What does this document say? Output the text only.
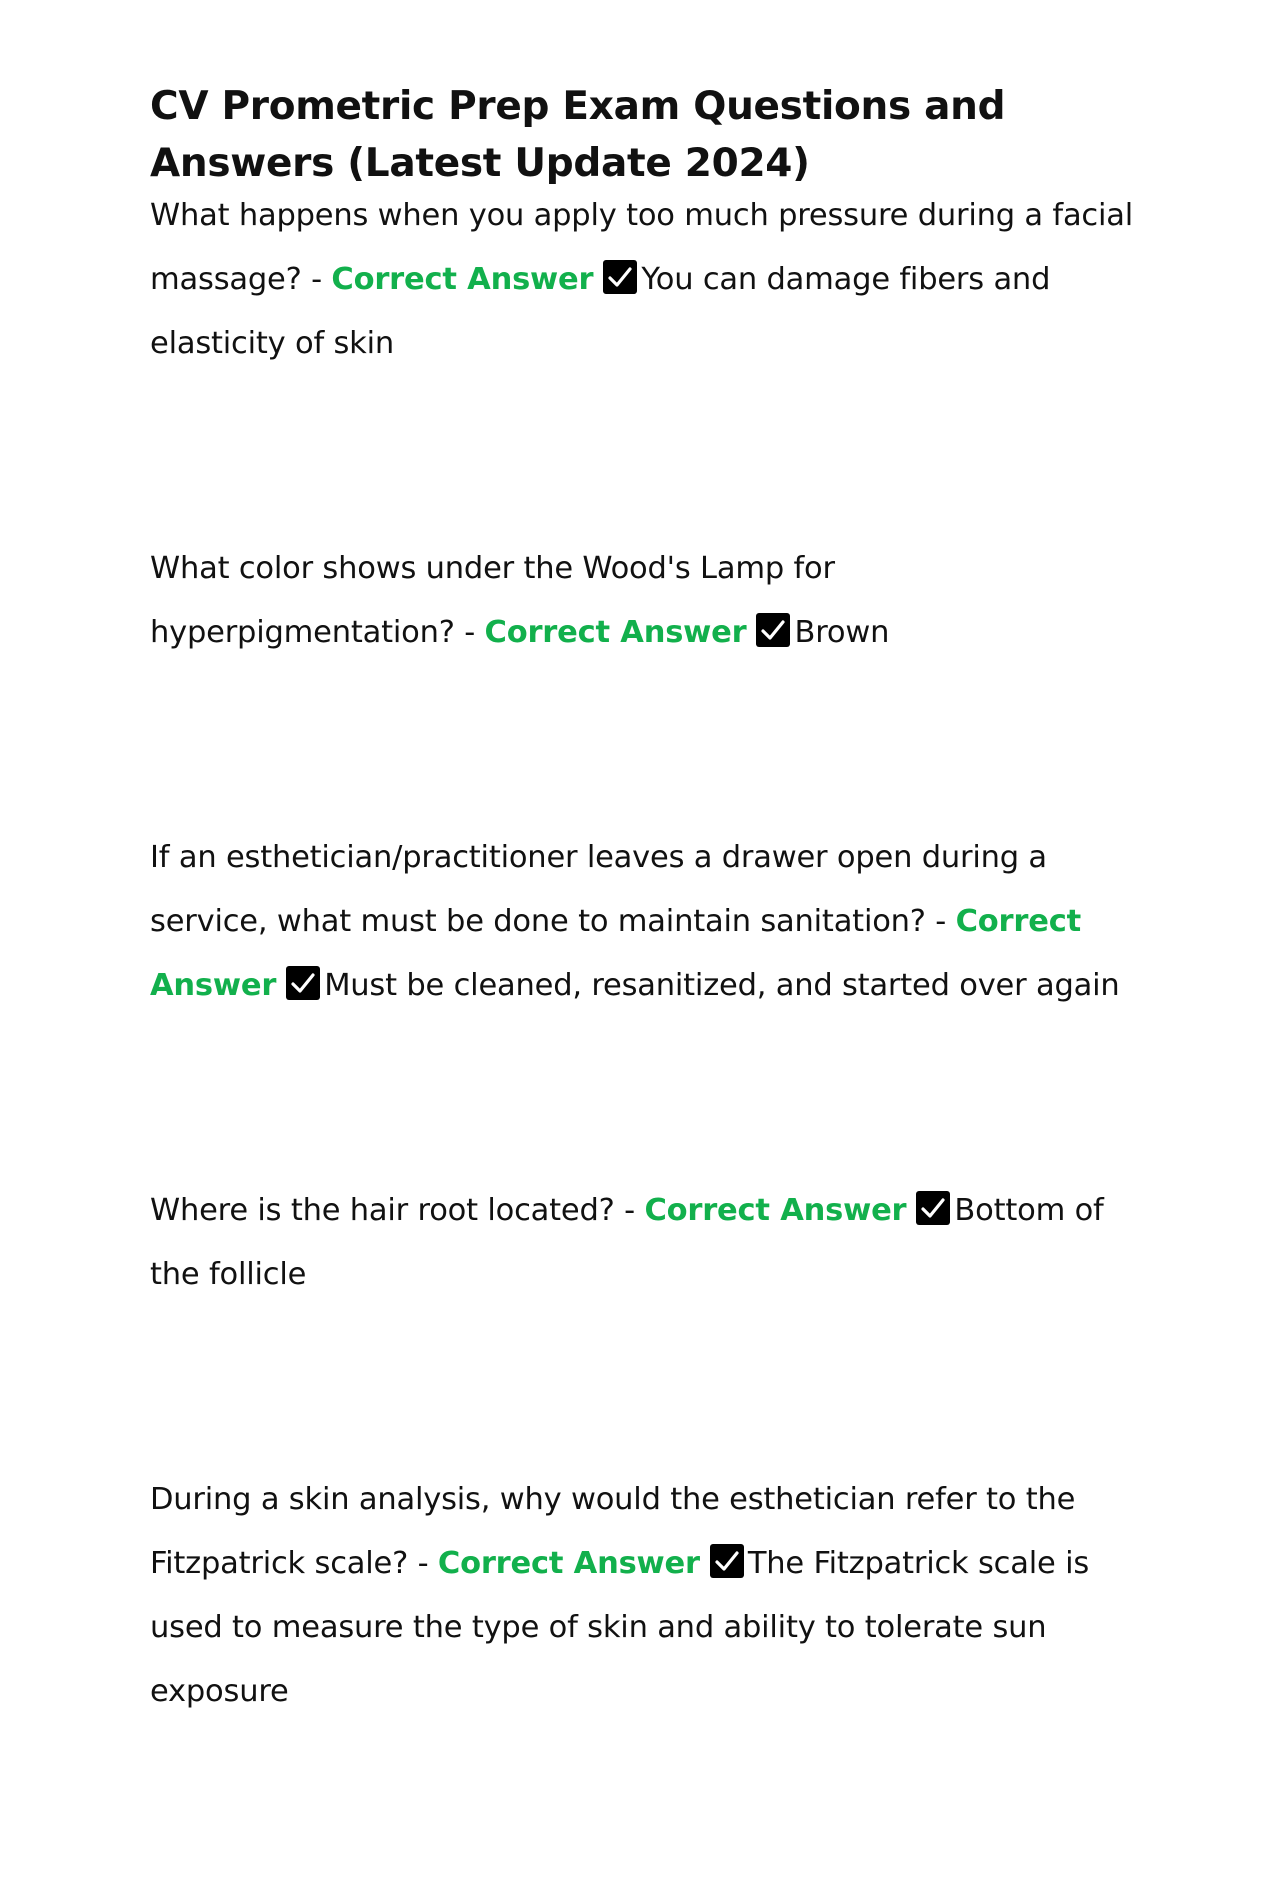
CV Prometric Prep Exam Questions and Answers (Latest Update 2024)
What happens when you apply too much pressure during a facial massage? - Correct Answer You can damage fibers and elasticity of skin
What color shows under the Wood's Lamp for hyperpigmentation? - Correct Answer Brown
If an esthetician/practitioner leaves a drawer open during a service, what must be done to maintain sanitation? - Correct Answer Must be cleaned, resanitized, and started over again
Where is the hair root located? - Correct Answer Bottom of the follicle
During a skin analysis, why would the esthetician refer to the Fitzpatrick scale? - Correct Answer The Fitzpatrick scale is used to measure the type of skin and ability to tolerate sun exposure
